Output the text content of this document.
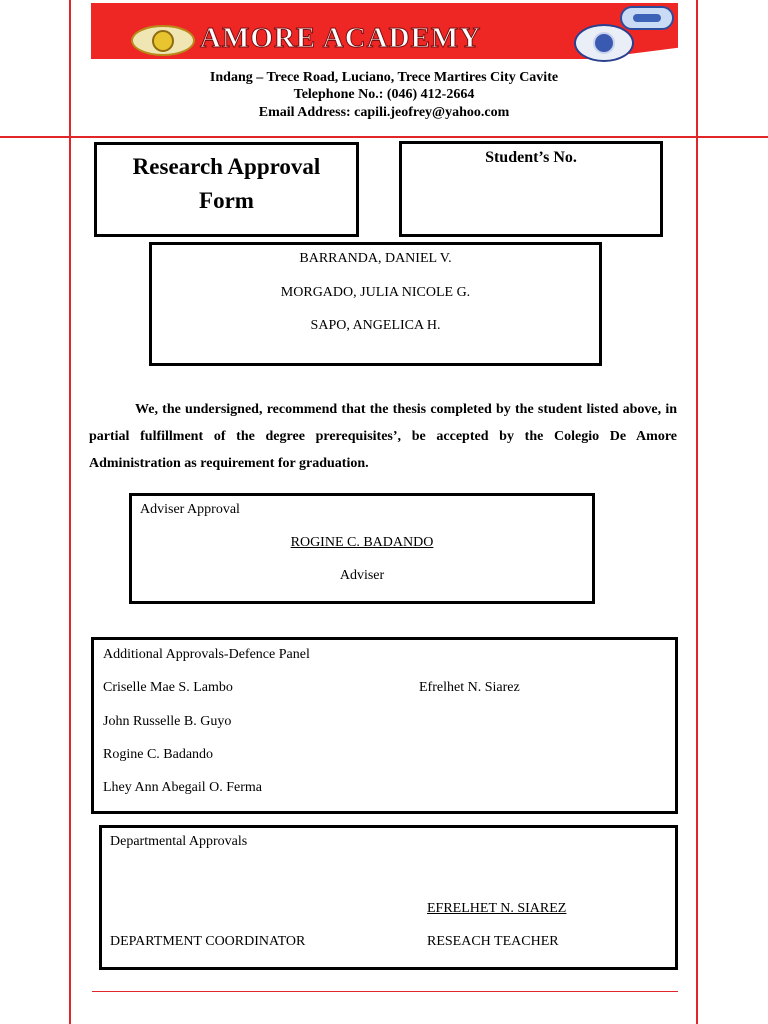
AMORE ACADEMY
Indang – Trece Road, Luciano, Trece Martires City Cavite
Telephone No.: (046) 412-2664
Email Address: capili.jeofrey@yahoo.com
Research Approval
Form
Student’s No.
BARRANDA, DANIEL V.
MORGADO, JULIA NICOLE G.
SAPO, ANGELICA H.
We, the undersigned, recommend that the thesis completed by the student listed above, in partial fulfillment of the degree prerequisites’, be accepted by the Colegio De Amore Administration as requirement for graduation.
Adviser Approval
ROGINE C. BADANDO
Adviser
Additional Approvals-Defence Panel
Criselle Mae S. Lambo	Efrelhet N. Siarez
John Russelle B. Guyo
Rogine C. Badando
Lhey Ann Abegail O. Ferma
Departmental Approvals
EFRELHET N. SIAREZ
DEPARTMENT COORDINATOR	RESEACH TEACHER
